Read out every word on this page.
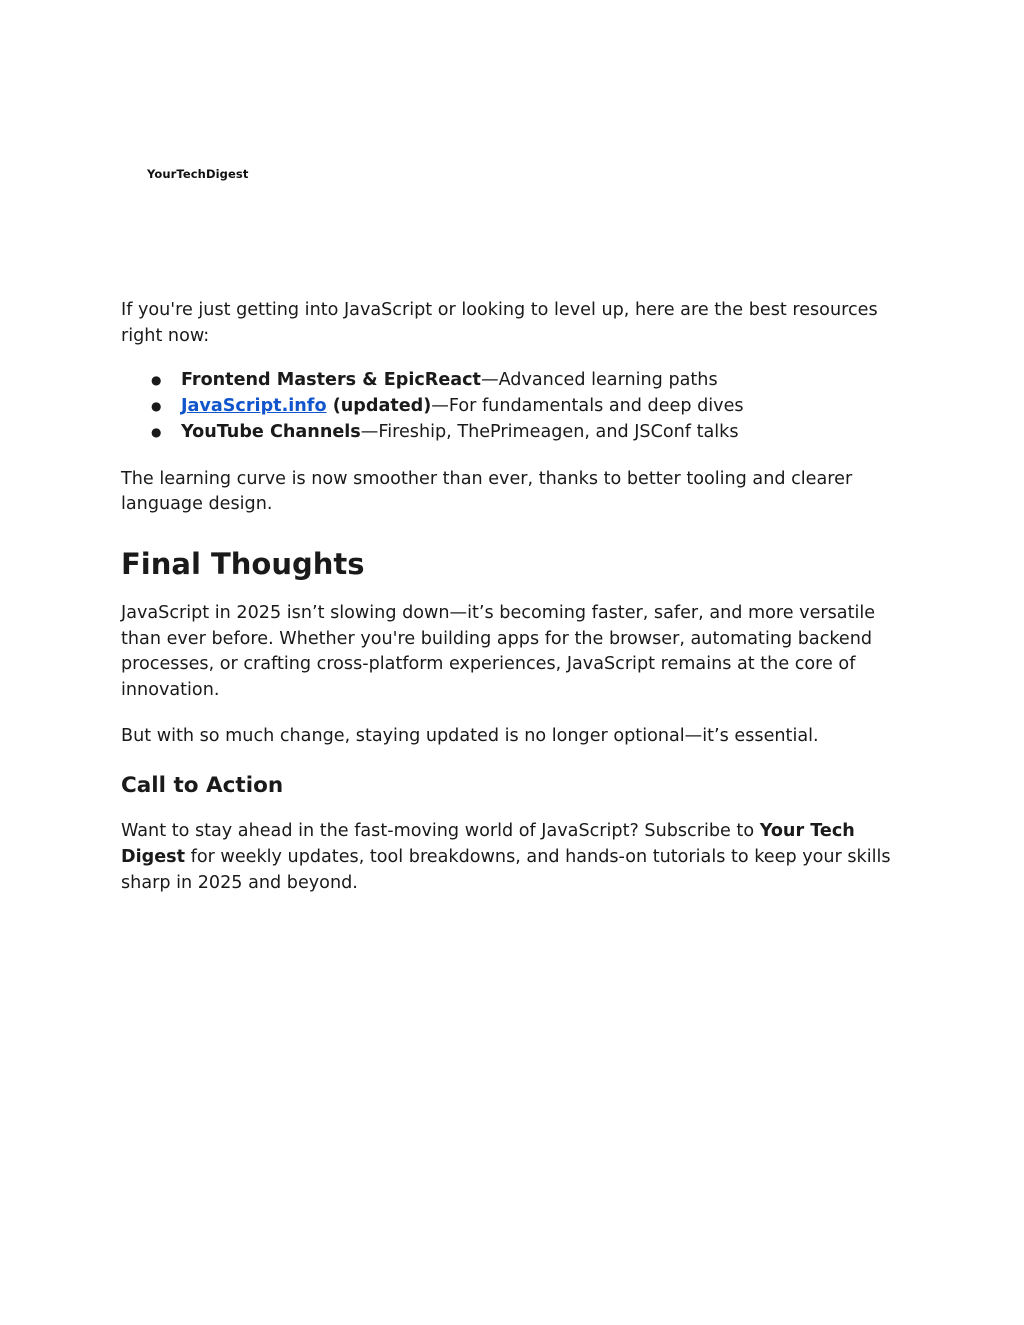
YourTechDigest

If you're just getting into JavaScript or looking to level up, here are the best resources right now:

● Frontend Masters & EpicReact—Advanced learning paths
● JavaScript.info (updated)—For fundamentals and deep dives
● YouTube Channels—Fireship, ThePrimeagen, and JSConf talks

The learning curve is now smoother than ever, thanks to better tooling and clearer language design.

Final Thoughts

JavaScript in 2025 isn’t slowing down—it’s becoming faster, safer, and more versatile than ever before. Whether you're building apps for the browser, automating backend processes, or crafting cross-platform experiences, JavaScript remains at the core of innovation.

But with so much change, staying updated is no longer optional—it’s essential.

Call to Action

Want to stay ahead in the fast-moving world of JavaScript? Subscribe to Your Tech Digest for weekly updates, tool breakdowns, and hands-on tutorials to keep your skills sharp in 2025 and beyond.
